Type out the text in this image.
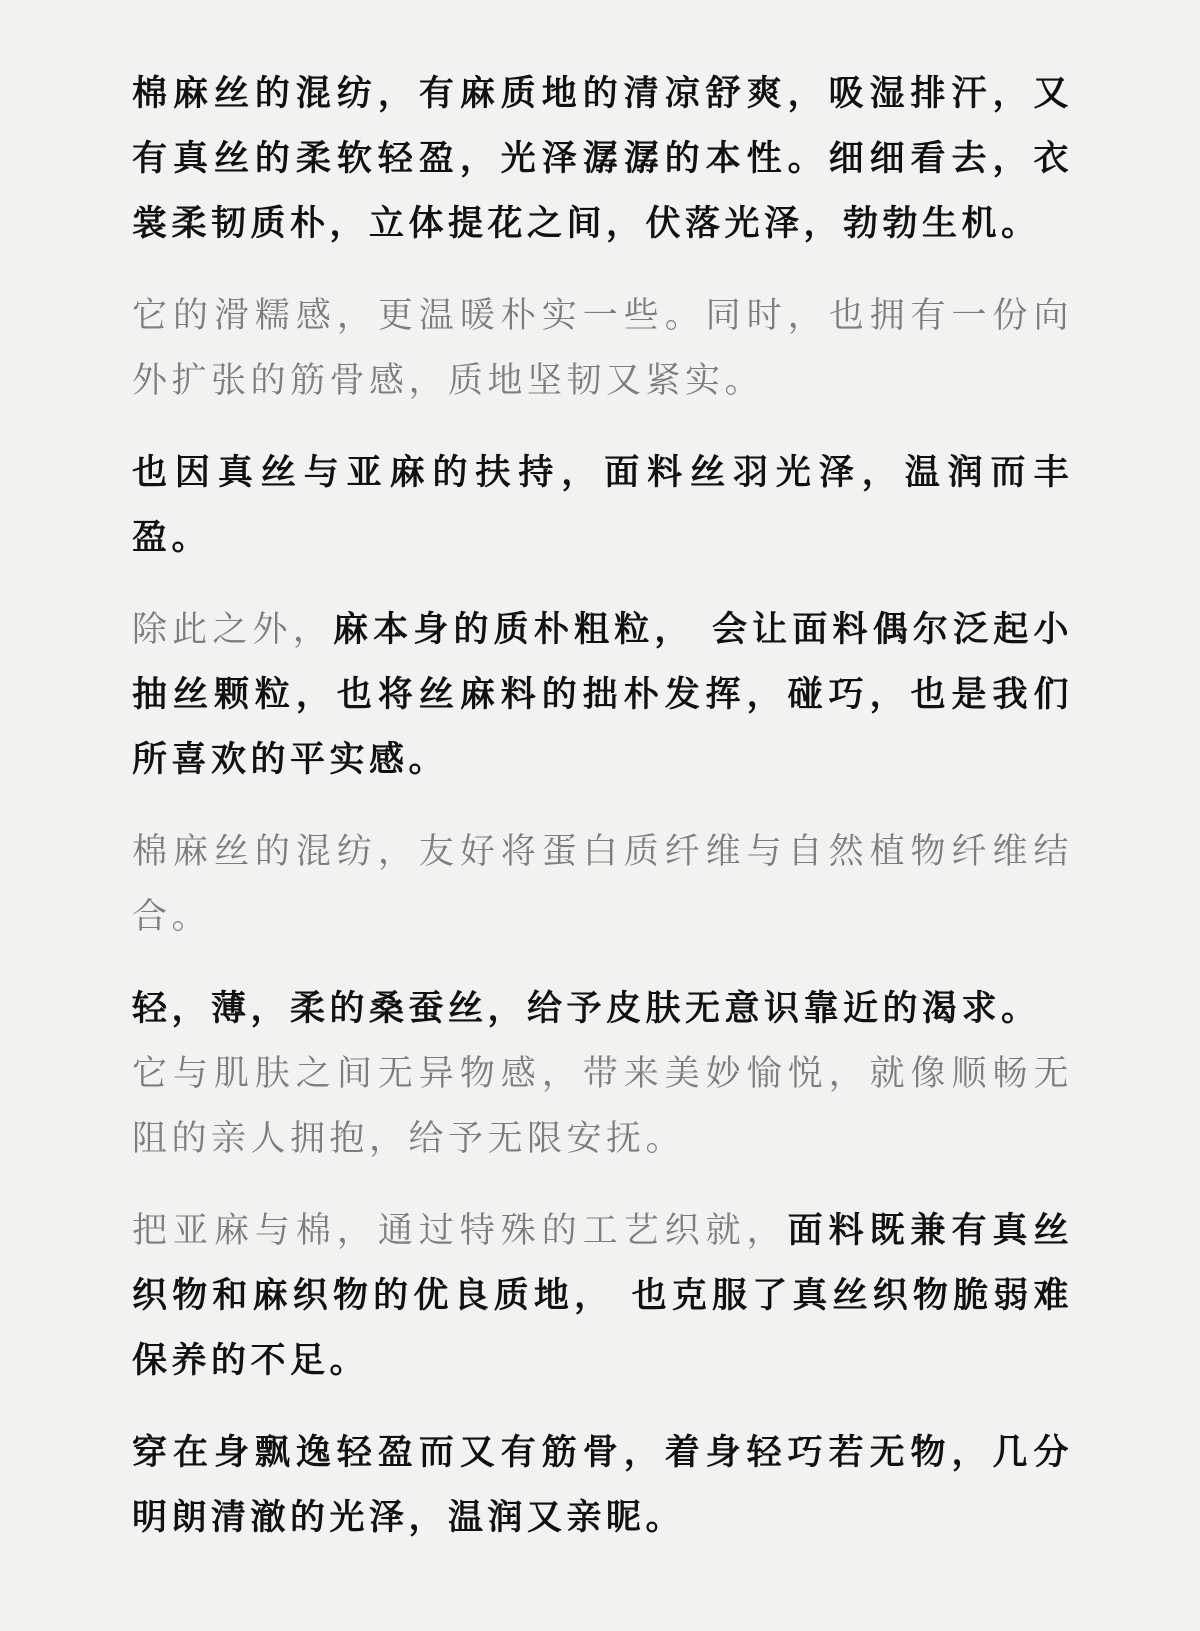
棉麻丝的混纺，有麻质地的清凉舒爽，吸湿排汗，又有真丝的柔软轻盈，光泽潺潺的本性。细细看去，衣裳柔韧质朴，立体提花之间，伏落光泽，勃勃生机。

它的滑糯感，更温暖朴实一些。同时，也拥有一份向外扩张的筋骨感，质地坚韧又紧实。

也因真丝与亚麻的扶持，面料丝羽光泽，温润而丰盈。

除此之外，麻本身的质朴粗粒， 会让面料偶尔泛起小抽丝颗粒，也将丝麻料的拙朴发挥，碰巧，也是我们所喜欢的平实感。

棉麻丝的混纺，友好将蛋白质纤维与自然植物纤维结合。

轻，薄，柔的桑蚕丝，给予皮肤无意识靠近的渴求。

它与肌肤之间无异物感，带来美妙愉悦，就像顺畅无阻的亲人拥抱，给予无限安抚。

把亚麻与棉，通过特殊的工艺织就，面料既兼有真丝织物和麻织物的优良质地， 也克服了真丝织物脆弱难保养的不足。

穿在身飘逸轻盈而又有筋骨，着身轻巧若无物，几分明朗清澈的光泽，温润又亲昵。
